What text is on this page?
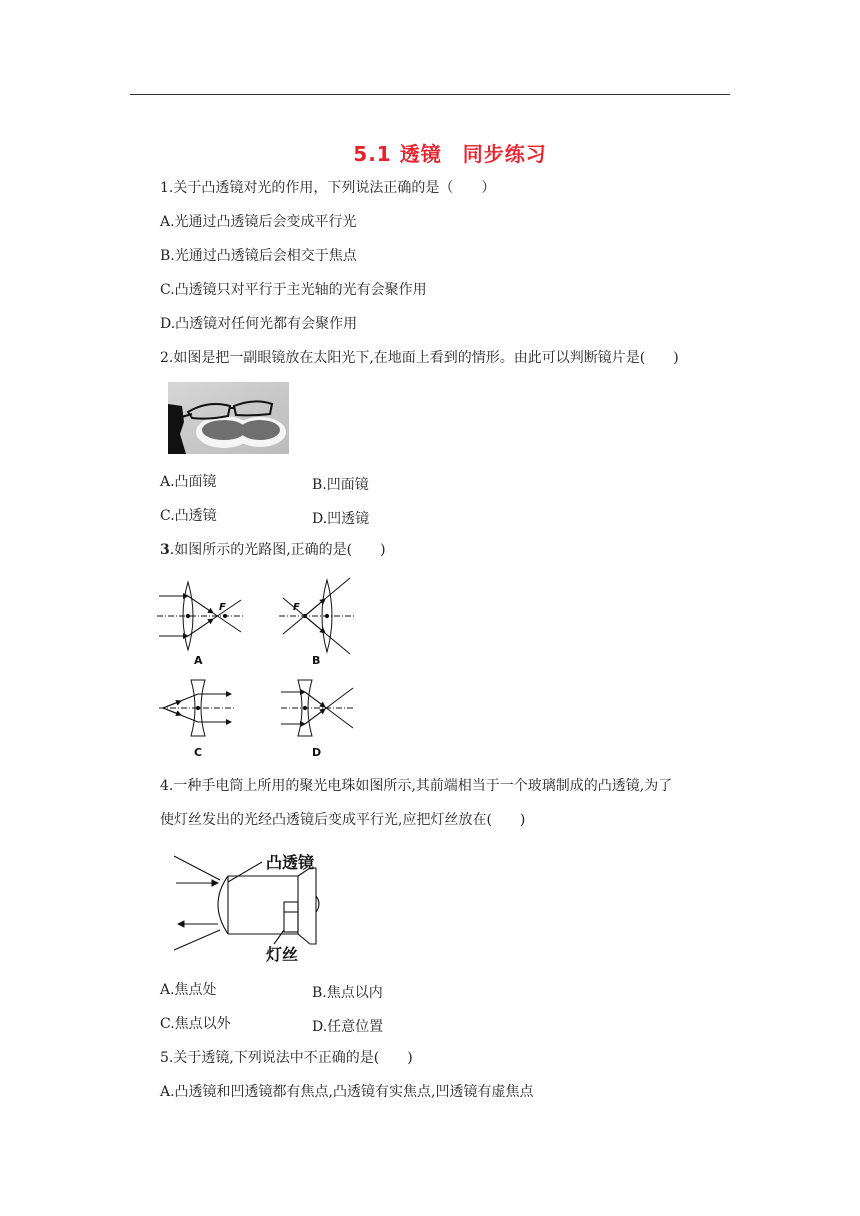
5.1 透镜　同步练习
1.关于凸透镜对光的作用，下列说法正确的是（　　）
A.光通过凸透镜后会变成平行光
B.光通过凸透镜后会相交于焦点
C.凸透镜只对平行于主光轴的光有会聚作用
D.凸透镜对任何光都有会聚作用
2.如图是把一副眼镜放在太阳光下,在地面上看到的情形。由此可以判断镜片是(　　)
A.凸面镜	B.凹面镜
C.凸透镜	D.凹透镜
3.如图所示的光路图,正确的是(　　)
F
A
F
B
C	D
4.一种手电筒上所用的聚光电珠如图所示,其前端相当于一个玻璃制成的凸透镜,为了
使灯丝发出的光经凸透镜后变成平行光,应把灯丝放在(　　)
凸透镜
灯丝
A.焦点处	B.焦点以内
C.焦点以外	D.任意位置
5.关于透镜,下列说法中不正确的是(　　)
A.凸透镜和凹透镜都有焦点,凸透镜有实焦点,凹透镜有虚焦点
